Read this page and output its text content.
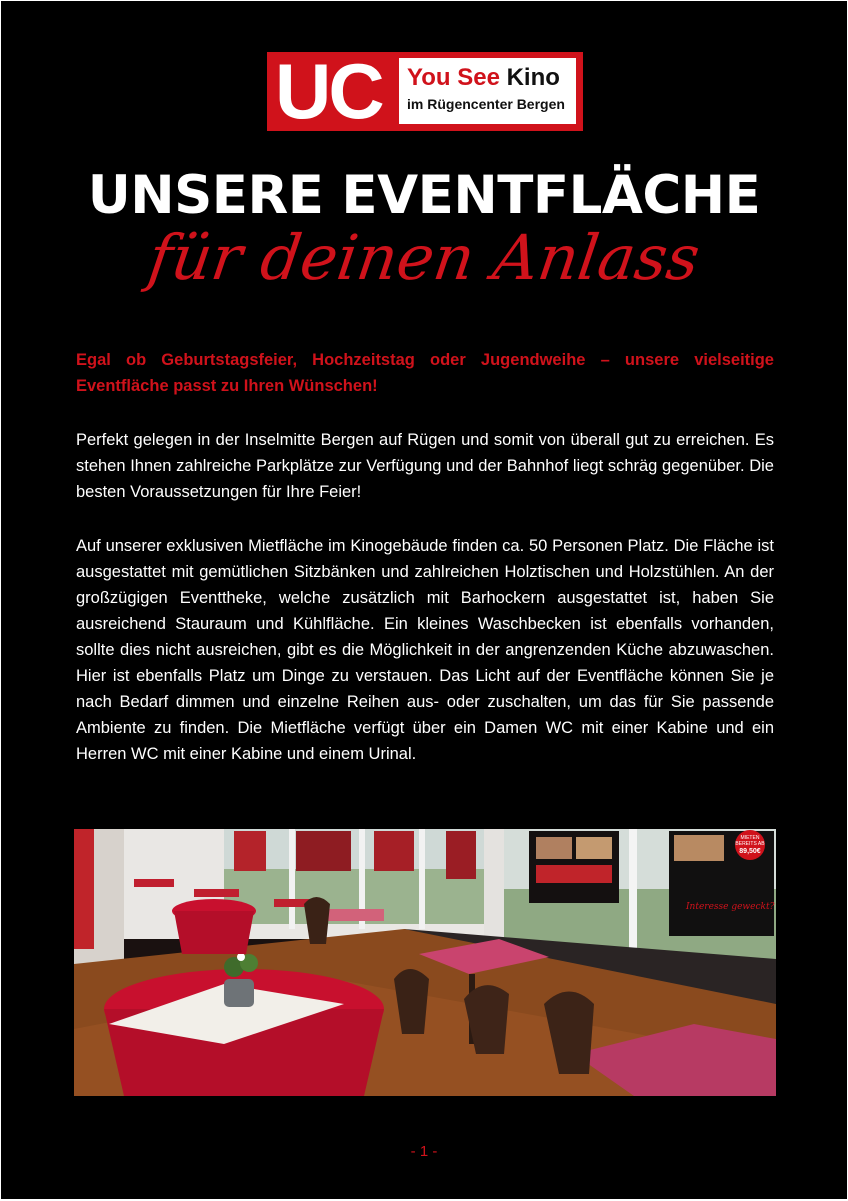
UC You See Kino
im Rügencenter Bergen
UNSERE EVENTFLÄCHE
für deinen Anlass

Egal ob Geburtstagsfeier, Hochzeitstag oder Jugendweihe – unsere vielseitige Eventfläche passt zu Ihren Wünschen!

Perfekt gelegen in der Inselmitte Bergen auf Rügen und somit von überall gut zu erreichen. Es stehen Ihnen zahlreiche Parkplätze zur Verfügung und der Bahnhof liegt schräg gegenüber. Die besten Voraussetzungen für Ihre Feier!

Auf unserer exklusiven Mietfläche im Kinogebäude finden ca. 50 Personen Platz. Die Fläche ist ausgestattet mit gemütlichen Sitzbänken und zahlreichen Holztischen und Holzstühlen. An der großzügigen Eventtheke, welche zusätzlich mit Barhockern ausgestattet ist, haben Sie ausreichend Stauraum und Kühlfläche. Ein kleines Waschbecken ist ebenfalls vorhanden, sollte dies nicht ausreichen, gibt es die Möglichkeit in der angrenzenden Küche abzuwaschen. Hier ist ebenfalls Platz um Dinge zu verstauen. Das Licht auf der Eventfläche können Sie je nach Bedarf dimmen und einzelne Reihen aus- oder zuschalten, um das für Sie passende Ambiente zu finden. Die Mietfläche verfügt über ein Damen WC mit einer Kabine und ein Herren WC mit einer Kabine und einem Urinal.

MIETEN
BEREITS AB
89,50€
Interesse geweckt?
- 1 -
